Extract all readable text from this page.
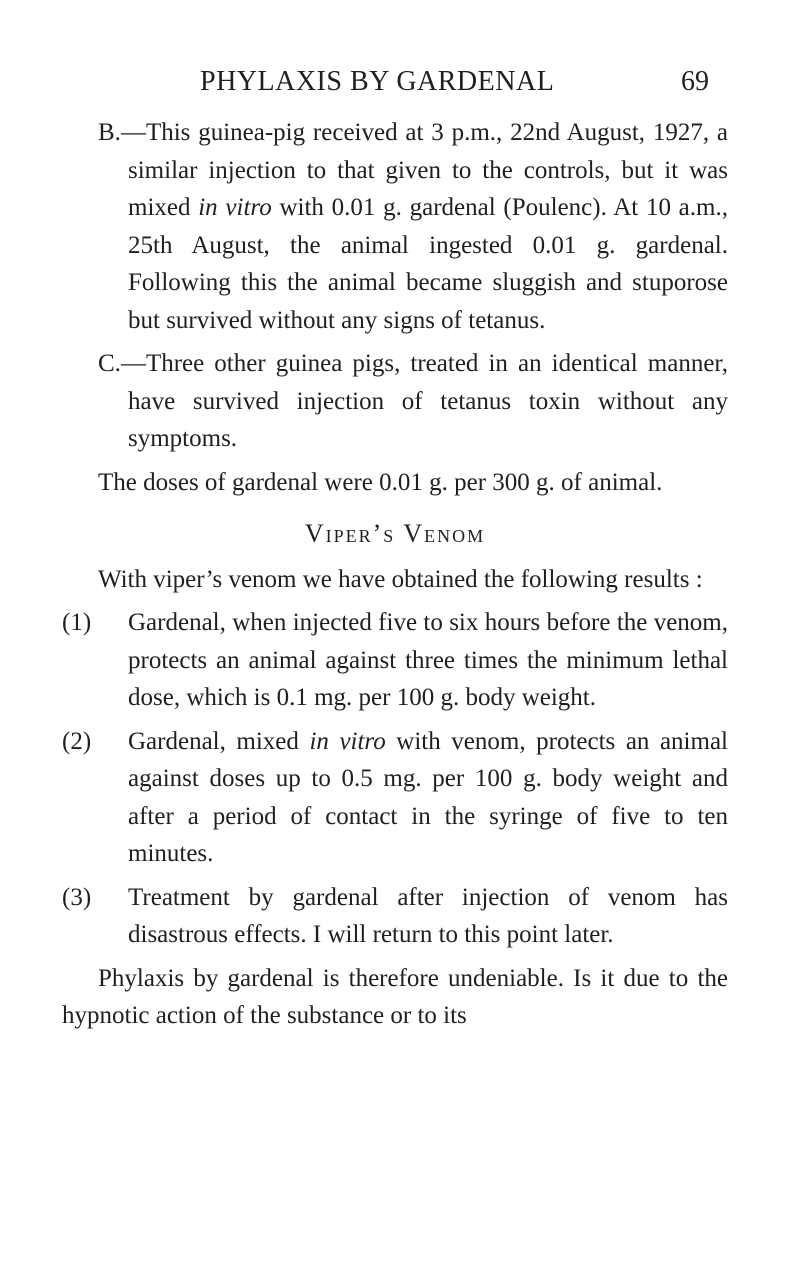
PHYLAXIS BY GARDENAL	69

B.—This guinea-pig received at 3 p.m., 22nd August, 1927, a similar injection to that given to the controls, but it was mixed in vitro with 0.01 g. gardenal (Poulenc). At 10 a.m., 25th August, the animal ingested 0.01 g. gardenal. Following this the animal became sluggish and stuporose but survived without any signs of tetanus.

C.—Three other guinea pigs, treated in an identical manner, have survived injection of tetanus toxin without any symptoms.

The doses of gardenal were 0.01 g. per 300 g. of animal.

Viper’s Venom

With viper’s venom we have obtained the following results :

(1) Gardenal, when injected five to six hours before the venom, protects an animal against three times the minimum lethal dose, which is 0.1 mg. per 100 g. body weight.

(2) Gardenal, mixed in vitro with venom, protects an animal against doses up to 0.5 mg. per 100 g. body weight and after a period of contact in the syringe of five to ten minutes.

(3) Treatment by gardenal after injection of venom has disastrous effects. I will return to this point later.

Phylaxis by gardenal is therefore undeniable. Is it due to the hypnotic action of the substance or to its
